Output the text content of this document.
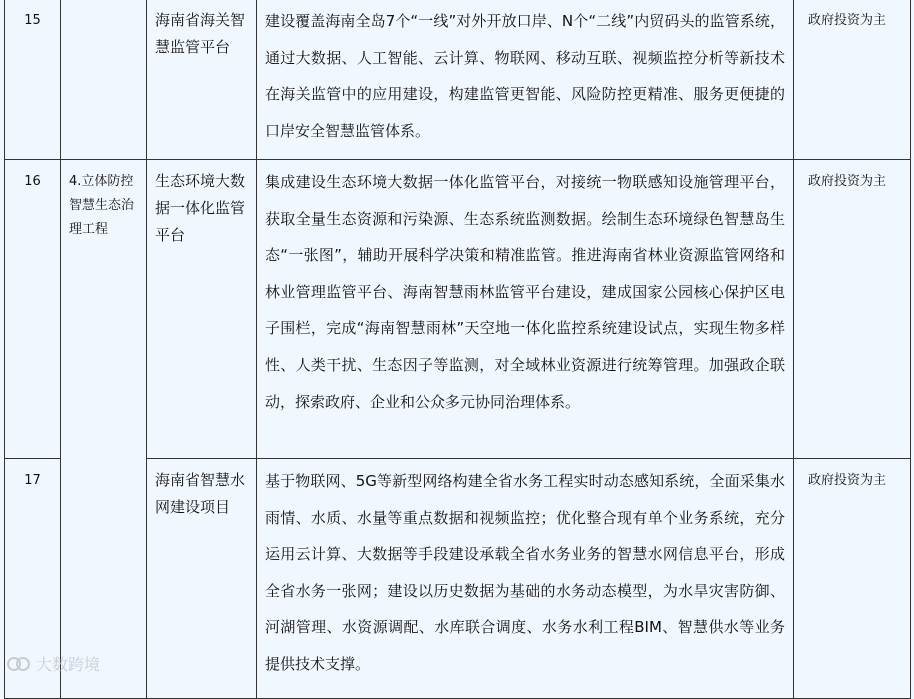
15		海南省海关智慧监管平台	建设覆盖海南全岛7个“一线”对外开放口岸、N个“二线”内贸码头的监管系统，通过大数据、人工智能、云计算、物联网、移动互联、视频监控分析等新技术在海关监管中的应用建设，构建监管更智能、风险防控更精准、服务更便捷的口岸安全智慧监管体系。	政府投资为主
16	4.立体防控智慧生态治理工程	生态环境大数据一体化监管平台	集成建设生态环境大数据一体化监管平台，对接统一物联感知设施管理平台，获取全量生态资源和污染源、生态系统监测数据。绘制生态环境绿色智慧岛生态“一张图”，辅助开展科学决策和精准监管。推进海南省林业资源监管网络和林业管理监管平台、海南智慧雨林监管平台建设，建成国家公园核心保护区电子围栏，完成“海南智慧雨林”天空地一体化监控系统建设试点，实现生物多样性、人类干扰、生态因子等监测，对全域林业资源进行统筹管理。加强政企联动，探索政府、企业和公众多元协同治理体系。	政府投资为主
17		海南省智慧水网建设项目	基于物联网、5G等新型网络构建全省水务工程实时动态感知系统，全面采集水雨情、水质、水量等重点数据和视频监控；优化整合现有单个业务系统，充分运用云计算、大数据等手段建设承载全省水务业务的智慧水网信息平台，形成全省水务一张网；建设以历史数据为基础的水务动态模型，为水旱灾害防御、河湖管理、水资源调配、水库联合调度、水务水利工程BIM、智慧供水等业务提供技术支撑。	政府投资为主
大数跨境
